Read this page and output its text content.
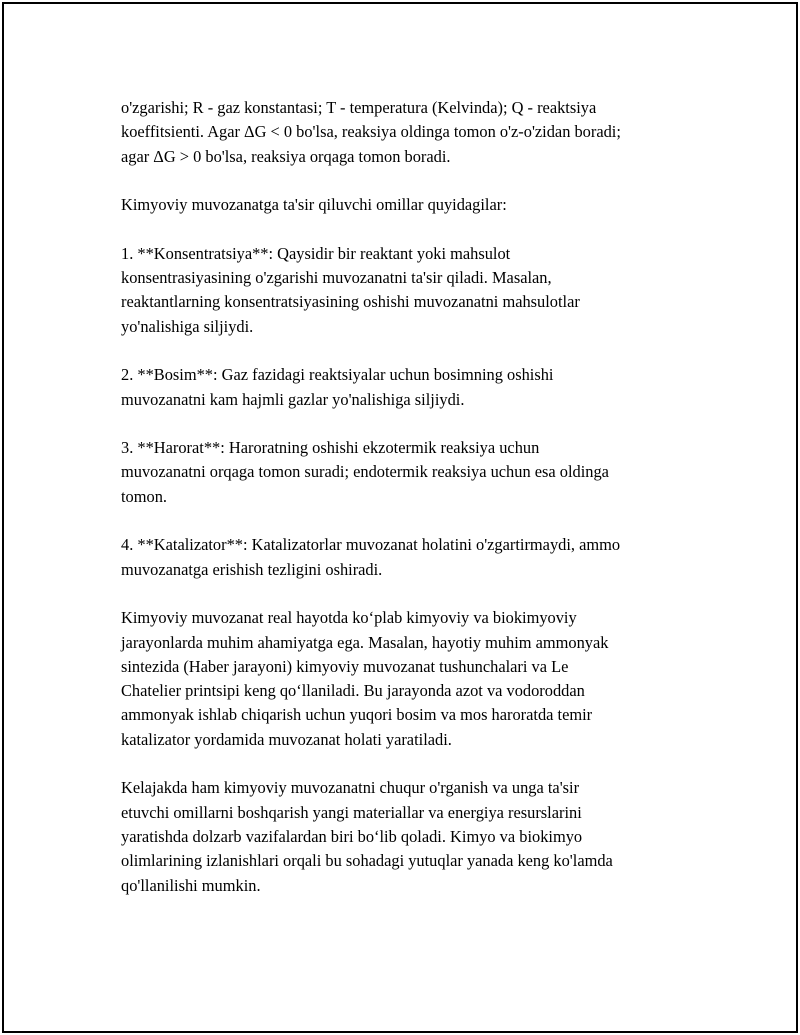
o'zgarishi; R - gaz konstantasi; T - temperatura (Kelvinda); Q - reaktsiya
koeffitsienti. Agar ΔG < 0 bo'lsa, reaksiya oldinga tomon o'z-o'zidan boradi;
agar ΔG > 0 bo'lsa, reaksiya orqaga tomon boradi.

Kimyoviy muvozanatga ta'sir qiluvchi omillar quyidagilar:

1. **Konsentratsiya**: Qaysidir bir reaktant yoki mahsulot
konsentrasiyasining o'zgarishi muvozanatni ta'sir qiladi. Masalan,
reaktantlarning konsentratsiyasining oshishi muvozanatni mahsulotlar
yo'nalishiga siljiydi.

2. **Bosim**: Gaz fazidagi reaktsiyalar uchun bosimning oshishi
muvozanatni kam hajmli gazlar yo'nalishiga siljiydi.

3. **Harorat**: Haroratning oshishi ekzotermik reaksiya uchun
muvozanatni orqaga tomon suradi; endotermik reaksiya uchun esa oldinga
tomon.

4. **Katalizator**: Katalizatorlar muvozanat holatini o'zgartirmaydi, ammo
muvozanatga erishish tezligini oshiradi.

Kimyoviy muvozanat real hayotda ko‘plab kimyoviy va biokimyoviy
jarayonlarda muhim ahamiyatga ega. Masalan, hayotiy muhim ammonyak
sintezida (Haber jarayoni) kimyoviy muvozanat tushunchalari va Le
Chatelier printsipi keng qo‘llaniladi. Bu jarayonda azot va vodoroddan
ammonyak ishlab chiqarish uchun yuqori bosim va mos haroratda temir
katalizator yordamida muvozanat holati yaratiladi.

Kelajakda ham kimyoviy muvozanatni chuqur o'rganish va unga ta'sir
etuvchi omillarni boshqarish yangi materiallar va energiya resurslarini
yaratishda dolzarb vazifalardan biri bo‘lib qoladi. Kimyo va biokimyo
olimlarining izlanishlari orqali bu sohadagi yutuqlar yanada keng ko'lamda
qo'llanilishi mumkin.
